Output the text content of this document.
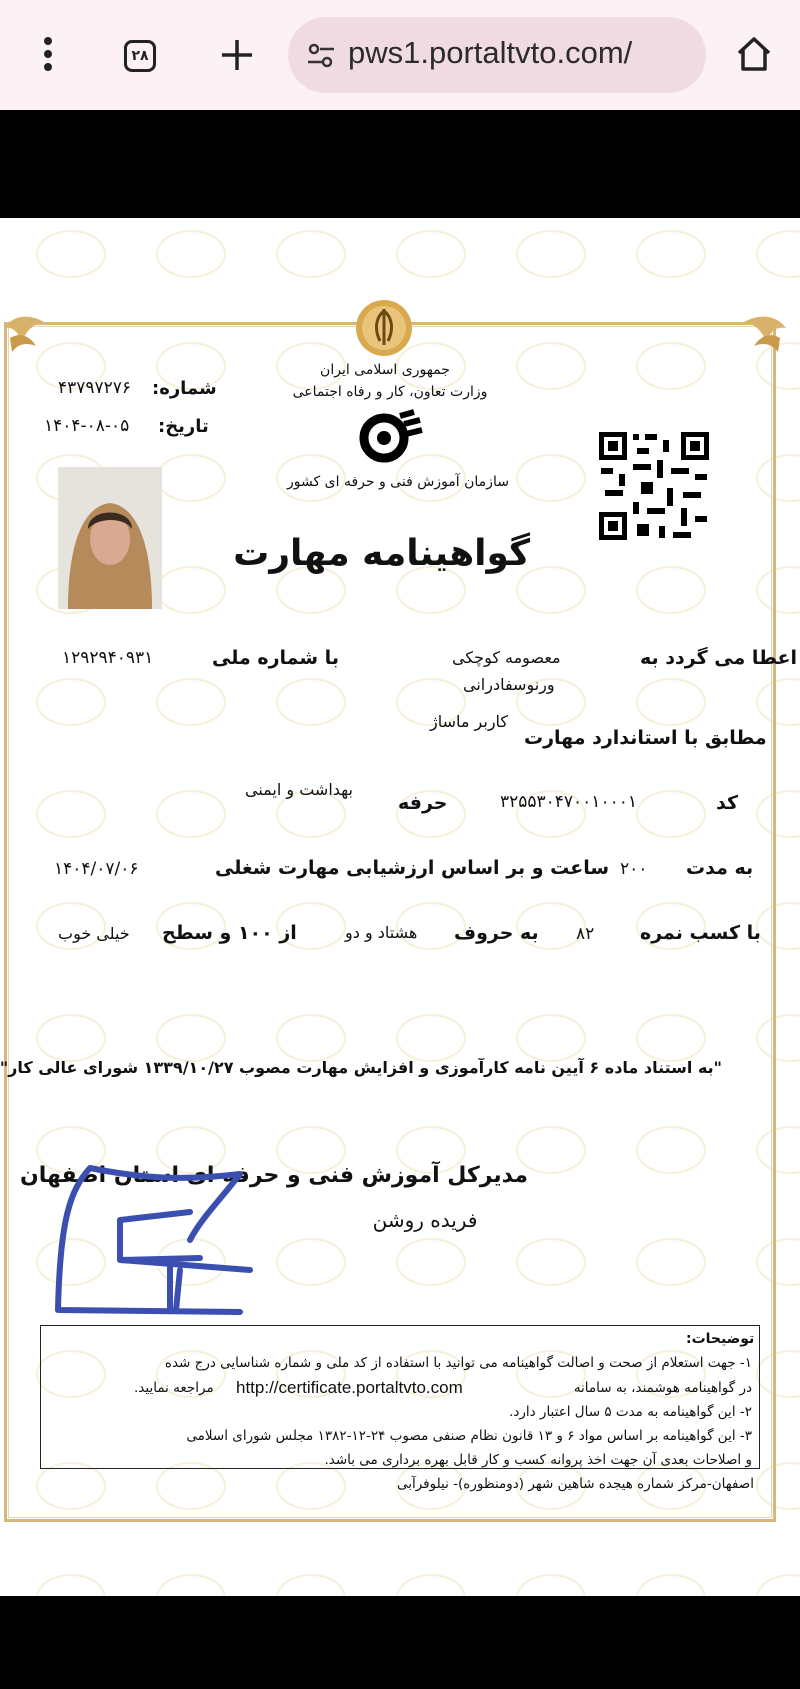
۲۸	pws1.portaltvto.com/
جمهوری اسلامی ایران
وزارت تعاون، کار و رفاه اجتماعی
سازمان آموزش فنی و حرفه ای کشور
شماره:
۴۳۷۹۷۲۷۶
تاریخ:
۱۴۰۴-۰۸-۰۵
گواهینامه مهارت
اعطا می گردد به
معصومه کوچکی
ورنوسفادرانی
با شماره ملی
۱۲۹۲۹۴۰۹۳۱
مطابق با استاندارد مهارت
کاربر ماساژ
کد
۳۲۵۵۳۰۴۷۰۰۱۰۰۰۱
حرفه
بهداشت و ایمنی
به مدت
۲۰۰
ساعت و بر اساس ارزشیابی مهارت شغلی
۱۴۰۴/۰۷/۰۶
با کسب نمره
۸۲
به حروف
هشتاد و دو
از ۱۰۰ و سطح
خیلی خوب
"به استناد ماده ۶ آیین نامه کارآموزی و افزایش مهارت مصوب ۱۳۳۹/۱۰/۲۷ شورای عالی کار"
مدیرکل آموزش فنی و حرفه ای استان اصفهان
فریده روشن
توضیحات:
۱- جهت استعلام از صحت و اصالت گواهینامه می توانید با استفاده از کد ملی و شماره شناسایی درج شده
در گواهینامه هوشمند، به سامانه
http://certificate.portaltvto.com
مراجعه نمایید.
۲- این گواهینامه به مدت ۵ سال اعتبار دارد.
۳- این گواهینامه بر اساس مواد ۶ و ۱۳ قانون نظام صنفی مصوب ۲۴-۱۲-۱۳۸۲ مجلس شورای اسلامی
و اصلاحات بعدی آن جهت اخذ پروانه کسب و کار قابل بهره برداری می باشد.
اصفهان-مرکز شماره هیجده شاهین شهر (دومنظوره)- نیلوفرآبی
